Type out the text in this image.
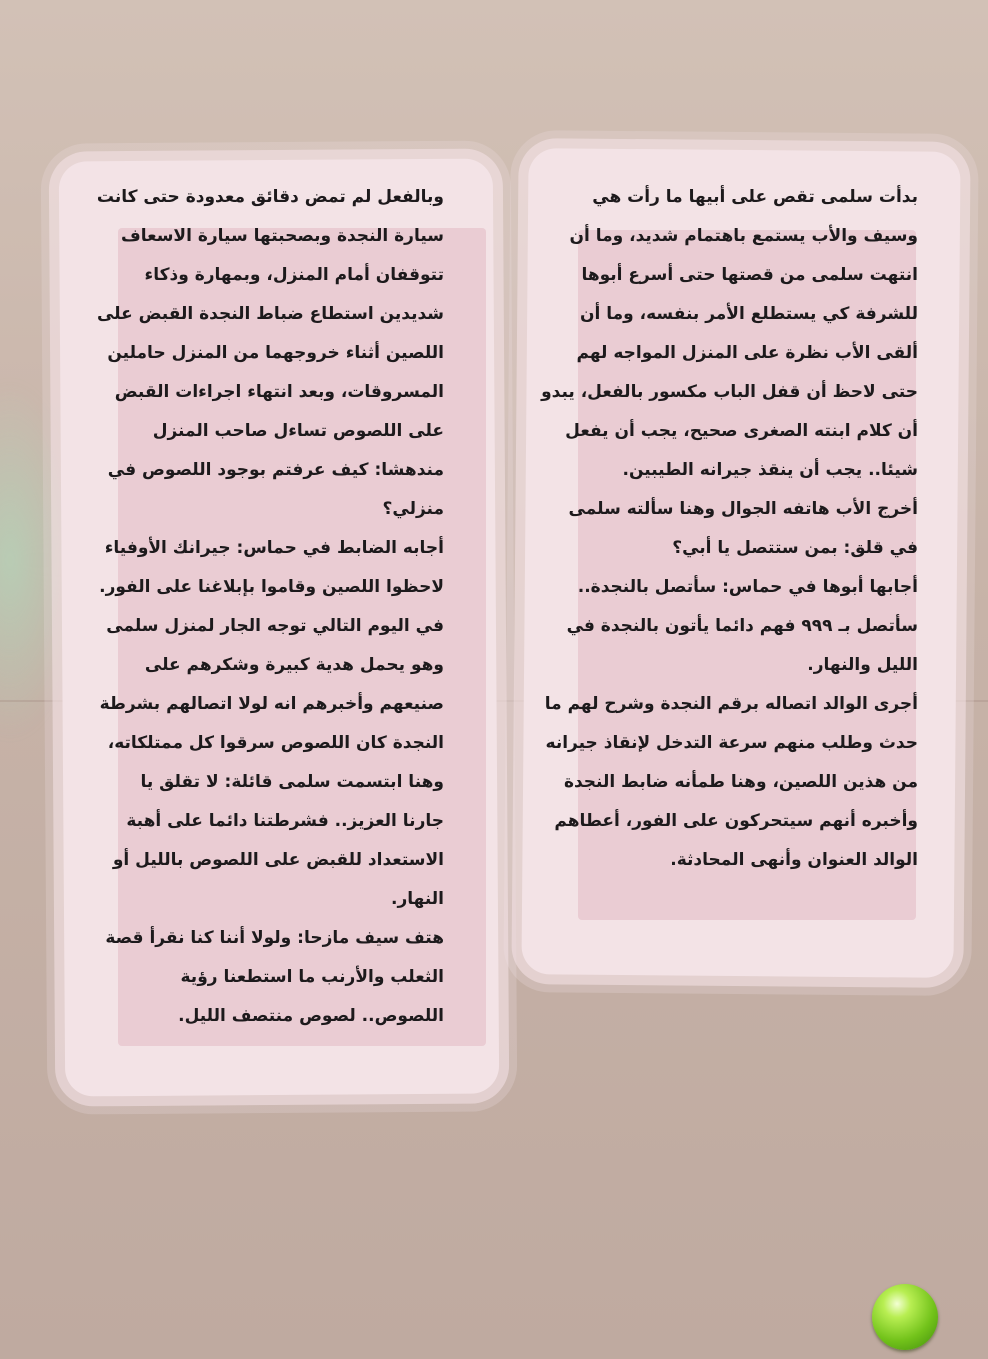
بدأت سلمى تقص على أبيها ما رأت هي وسيف والأب يستمع باهتمام شديد، وما أن انتهت سلمى من قصتها حتى أسرع أبوها للشرفة كي يستطلع الأمر بنفسه، وما أن ألقى الأب نظرة على المنزل المواجه لهم حتى لاحظ أن قفل الباب مكسور بالفعل، يبدو أن كلام ابنته الصغرى صحيح، يجب أن يفعل شيئا.. يجب أن ينقذ جيرانه الطيبين.

أخرج الأب هاتفه الجوال وهنا سألته سلمى في قلق: بمن ستتصل يا أبي؟

أجابها أبوها في حماس: سأتصل بالنجدة.. سأتصل بـ ٩٩٩ فهم دائما يأتون بالنجدة في الليل والنهار.

أجرى الوالد اتصاله برقم النجدة وشرح لهم ما حدث وطلب منهم سرعة التدخل لإنقاذ جيرانه من هذين اللصين، وهنا طمأنه ضابط النجدة وأخبره أنهم سيتحركون على الفور، أعطاهم الوالد العنوان وأنهى المحادثة.

وبالفعل لم تمض دقائق معدودة حتى كانت سيارة النجدة وبصحبتها سيارة الاسعاف تتوقفان أمام المنزل، وبمهارة وذكاء شديدين استطاع ضباط النجدة القبض على اللصين أثناء خروجهما من المنزل حاملين المسروقات، وبعد انتهاء اجراءات القبض على اللصوص تساءل صاحب المنزل مندهشا: كيف عرفتم بوجود اللصوص في منزلي؟

أجابه الضابط في حماس: جيرانك الأوفياء لاحظوا اللصين وقاموا بإبلاغنا على الفور.

في اليوم التالي توجه الجار لمنزل سلمى وهو يحمل هدية كبيرة وشكرهم على صنيعهم وأخبرهم انه لولا اتصالهم بشرطة النجدة كان اللصوص سرقوا كل ممتلكاته، وهنا ابتسمت سلمى قائلة: لا تقلق يا جارنا العزيز.. فشرطتنا دائما على أهبة الاستعداد للقبض على اللصوص بالليل أو النهار.

هتف سيف مازحا: ولولا أننا كنا نقرأ قصة الثعلب والأرنب ما استطعنا رؤية اللصوص.. لصوص منتصف الليل.
